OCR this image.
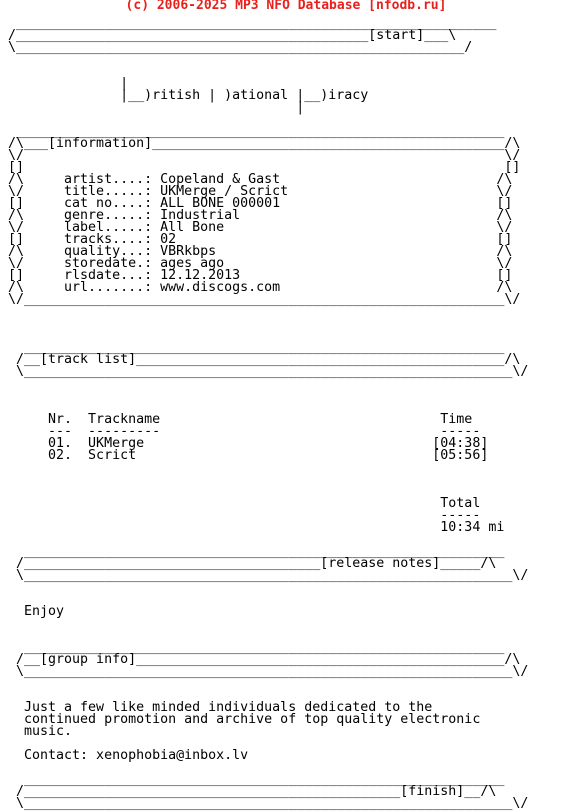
(c) 2006-2025 MP3 NFO Database [nfodb.ru]
____________________________________________________________
/____________________________________________[start]___\
\________________________________________________________/

|
|__)ritish | )ational |__)iracy
|

_____________________________________________________________
/\___[information]____________________________________________/\
\/                                                            \/
[]                                                            []
/\     artist....: Copeland & Gast                           /\
\/     title.....: UKMerge / Scrict                          \/
[]     cat no....: ALL BONE 000001                           []
/\     genre.....: Industrial                                /\
\/     label.....: All Bone                                  \/
[]     tracks....: 02                                        []
/\     quality...: VBRkbps                                   /\
\/     storedate.: ages ago                                  \/
[]     rlsdate...: 12.12.2013                                []
/\     url.......: www.discogs.com                           /\
\/____________________________________________________________\/

____________________________________________________________
/__[track list]______________________________________________/\
\_____________________________________________________________\/

Nr.  Trackname                                   Time
---  ---------                                   -----
01.  UKMerge                                    [04:38]
02.  Scrict                                     [05:56]

Total
-----
10:34 mi

____________________________________________________________
/_____________________________________[release notes]_____/\
\_____________________________________________________________\/

Enjoy

____________________________________________________________
/__[group info]______________________________________________/\
\_____________________________________________________________\/

Just a few like minded individuals dedicated to the
continued promotion and archive of top quality electronic
music.

Contact: xenophobia@inbox.lv

____________________________________________________________
/_______________________________________________[finish]__/\
\_____________________________________________________________\/
